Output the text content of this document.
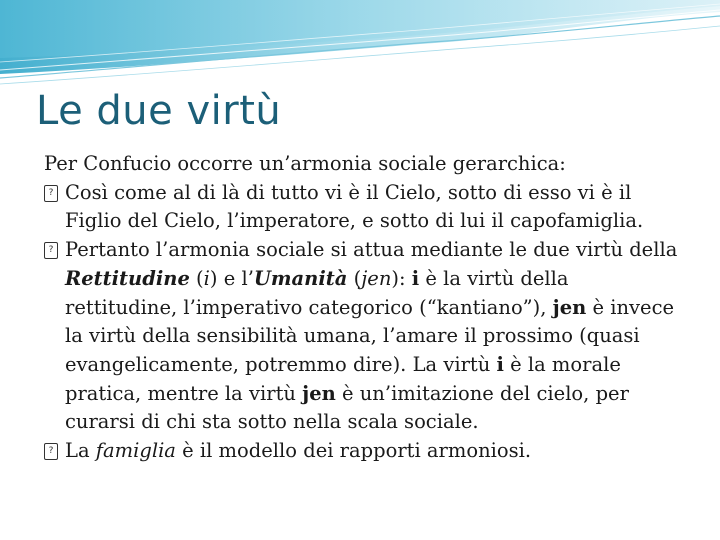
Le due virtù

Per Confucio occorre un’armonia sociale gerarchica:

? Così come al di là di tutto vi è il Cielo, sotto di esso vi è il Figlio del Cielo, l’imperatore, e sotto di lui il capofamiglia.
? Pertanto l’armonia sociale si attua mediante le due virtù della Rettitudine (i) e l’Umanità (jen): i è la virtù della rettitudine, l’imperativo categorico (“kantiano”), jen è invece la virtù della sensibilità umana, l’amare il prossimo (quasi evangelicamente, potremmo dire). La virtù i è la morale pratica, mentre la virtù jen è un’imitazione del cielo, per curarsi di chi sta sotto nella scala sociale.
? La famiglia è il modello dei rapporti armoniosi.
